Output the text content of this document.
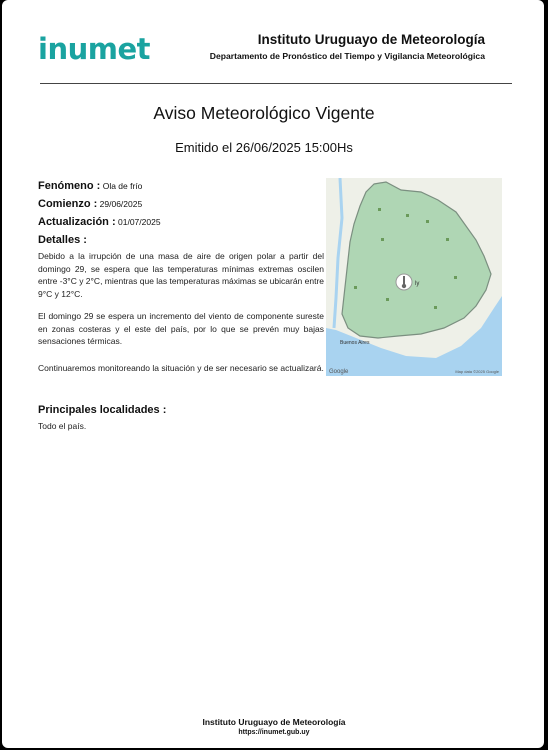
inumet	Instituto Uruguayo de Meteorología
Departamento de Pronóstico del Tiempo y Vigilancia Meteorológica
Aviso Meteorológico Vigente
Emitido el 26/06/2025 15:00Hs
Fenómeno : Ola de frío
Comienzo : 29/06/2025
Actualización : 01/07/2025
Detalles :
Debido a la irrupción de una masa de aire de origen polar a partir del domingo 29, se espera que las temperaturas mínimas extremas oscilen entre -3°C y 2°C, mientras que las temperaturas máximas se ubicarán entre 9°C y 12°C.
El domingo 29 se espera un incremento del viento de componente sureste en zonas costeras y el este del país, por lo que se prevén muy bajas sensaciones térmicas.
Continuaremos monitoreando la situación y de ser necesario se actualizará.
Principales localidades :
Todo el país.
ly
Buenos Aires
Google	Map data ©2025 Google
Instituto Uruguayo de Meteorología
https://inumet.gub.uy
